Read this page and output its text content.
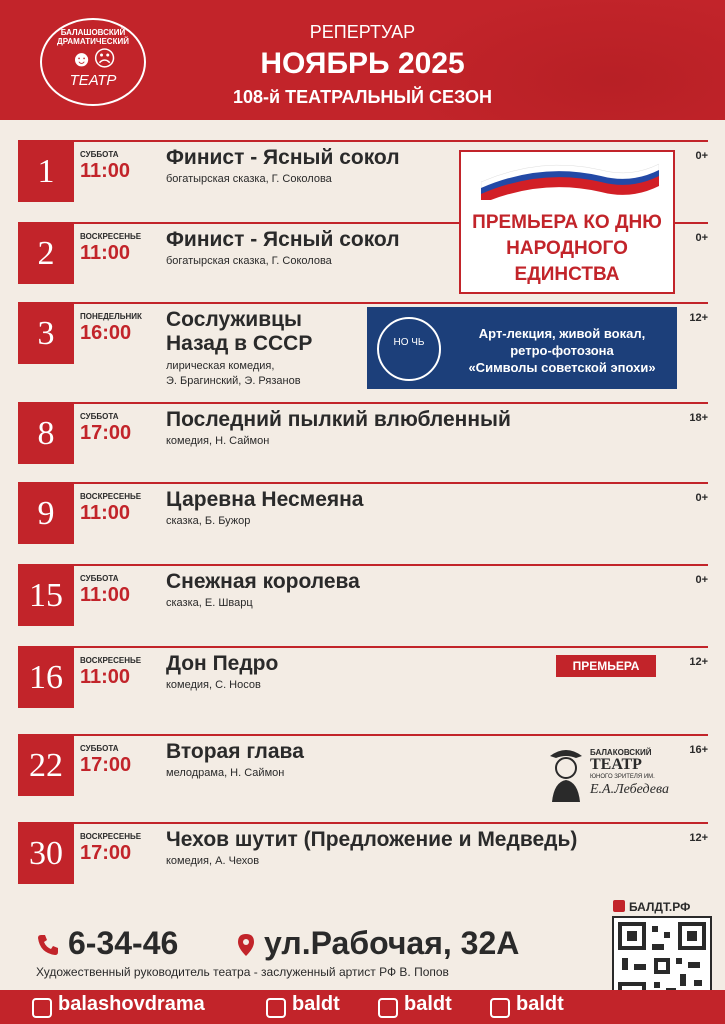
БАЛАШОВСКИЙ
ДРАМАТИЧЕСКИЙ
☻☹
ТЕАТР
РЕПЕРТУАР
НОЯБРЬ 2025
108-й ТЕАТРАЛЬНЫЙ СЕЗОН
1	СУББОТА
11:00
Финист - Ясный сокол
богатырская сказка, Г. Соколова
0+
2	ВОСКРЕСЕНЬЕ
11:00
Финист - Ясный сокол
богатырская сказка, Г. Соколова
0+
3	ПОНЕДЕЛЬНИК
16:00
Сослуживцы
Назад в СССР
лирическая комедия,
Э. Брагинский, Э. Рязанов
12+
8	СУББОТА
17:00
Последний пылкий влюбленный
комедия, Н. Саймон
18+
9	ВОСКРЕСЕНЬЕ
11:00
Царевна Несмеяна
сказка, Б. Бужор
0+
15	СУББОТА
11:00
Снежная королева
сказка, Е. Шварц
0+
16	ВОСКРЕСЕНЬЕ
11:00
Дон Педро
комедия, С. Носов
12+
22	СУББОТА
17:00
Вторая глава
мелодрама, Н. Саймон
16+
30	ВОСКРЕСЕНЬЕ
17:00
Чехов шутит (Предложение и Медведь)
комедия, А. Чехов
12+
ПРЕМЬЕРА КО ДНЮ
НАРОДНОГО ЕДИНСТВА
НО ЧЬ
Арт-лекция, живой вокал,
ретро-фотозона
«Символы советской эпохи»
ПРЕМЬЕРА
БАЛАКОВСКИЙ
ТЕАТР
ЮНОГО ЗРИТЕЛЯ ИМ.
Е.А.Лебедева
6-34-46	ул.Рабочая, 32А
Художественный руководитель театра - заслуженный артист РФ В. Попов
БАЛДТ.РФ
balashovdrama	baldt	baldt	baldt
